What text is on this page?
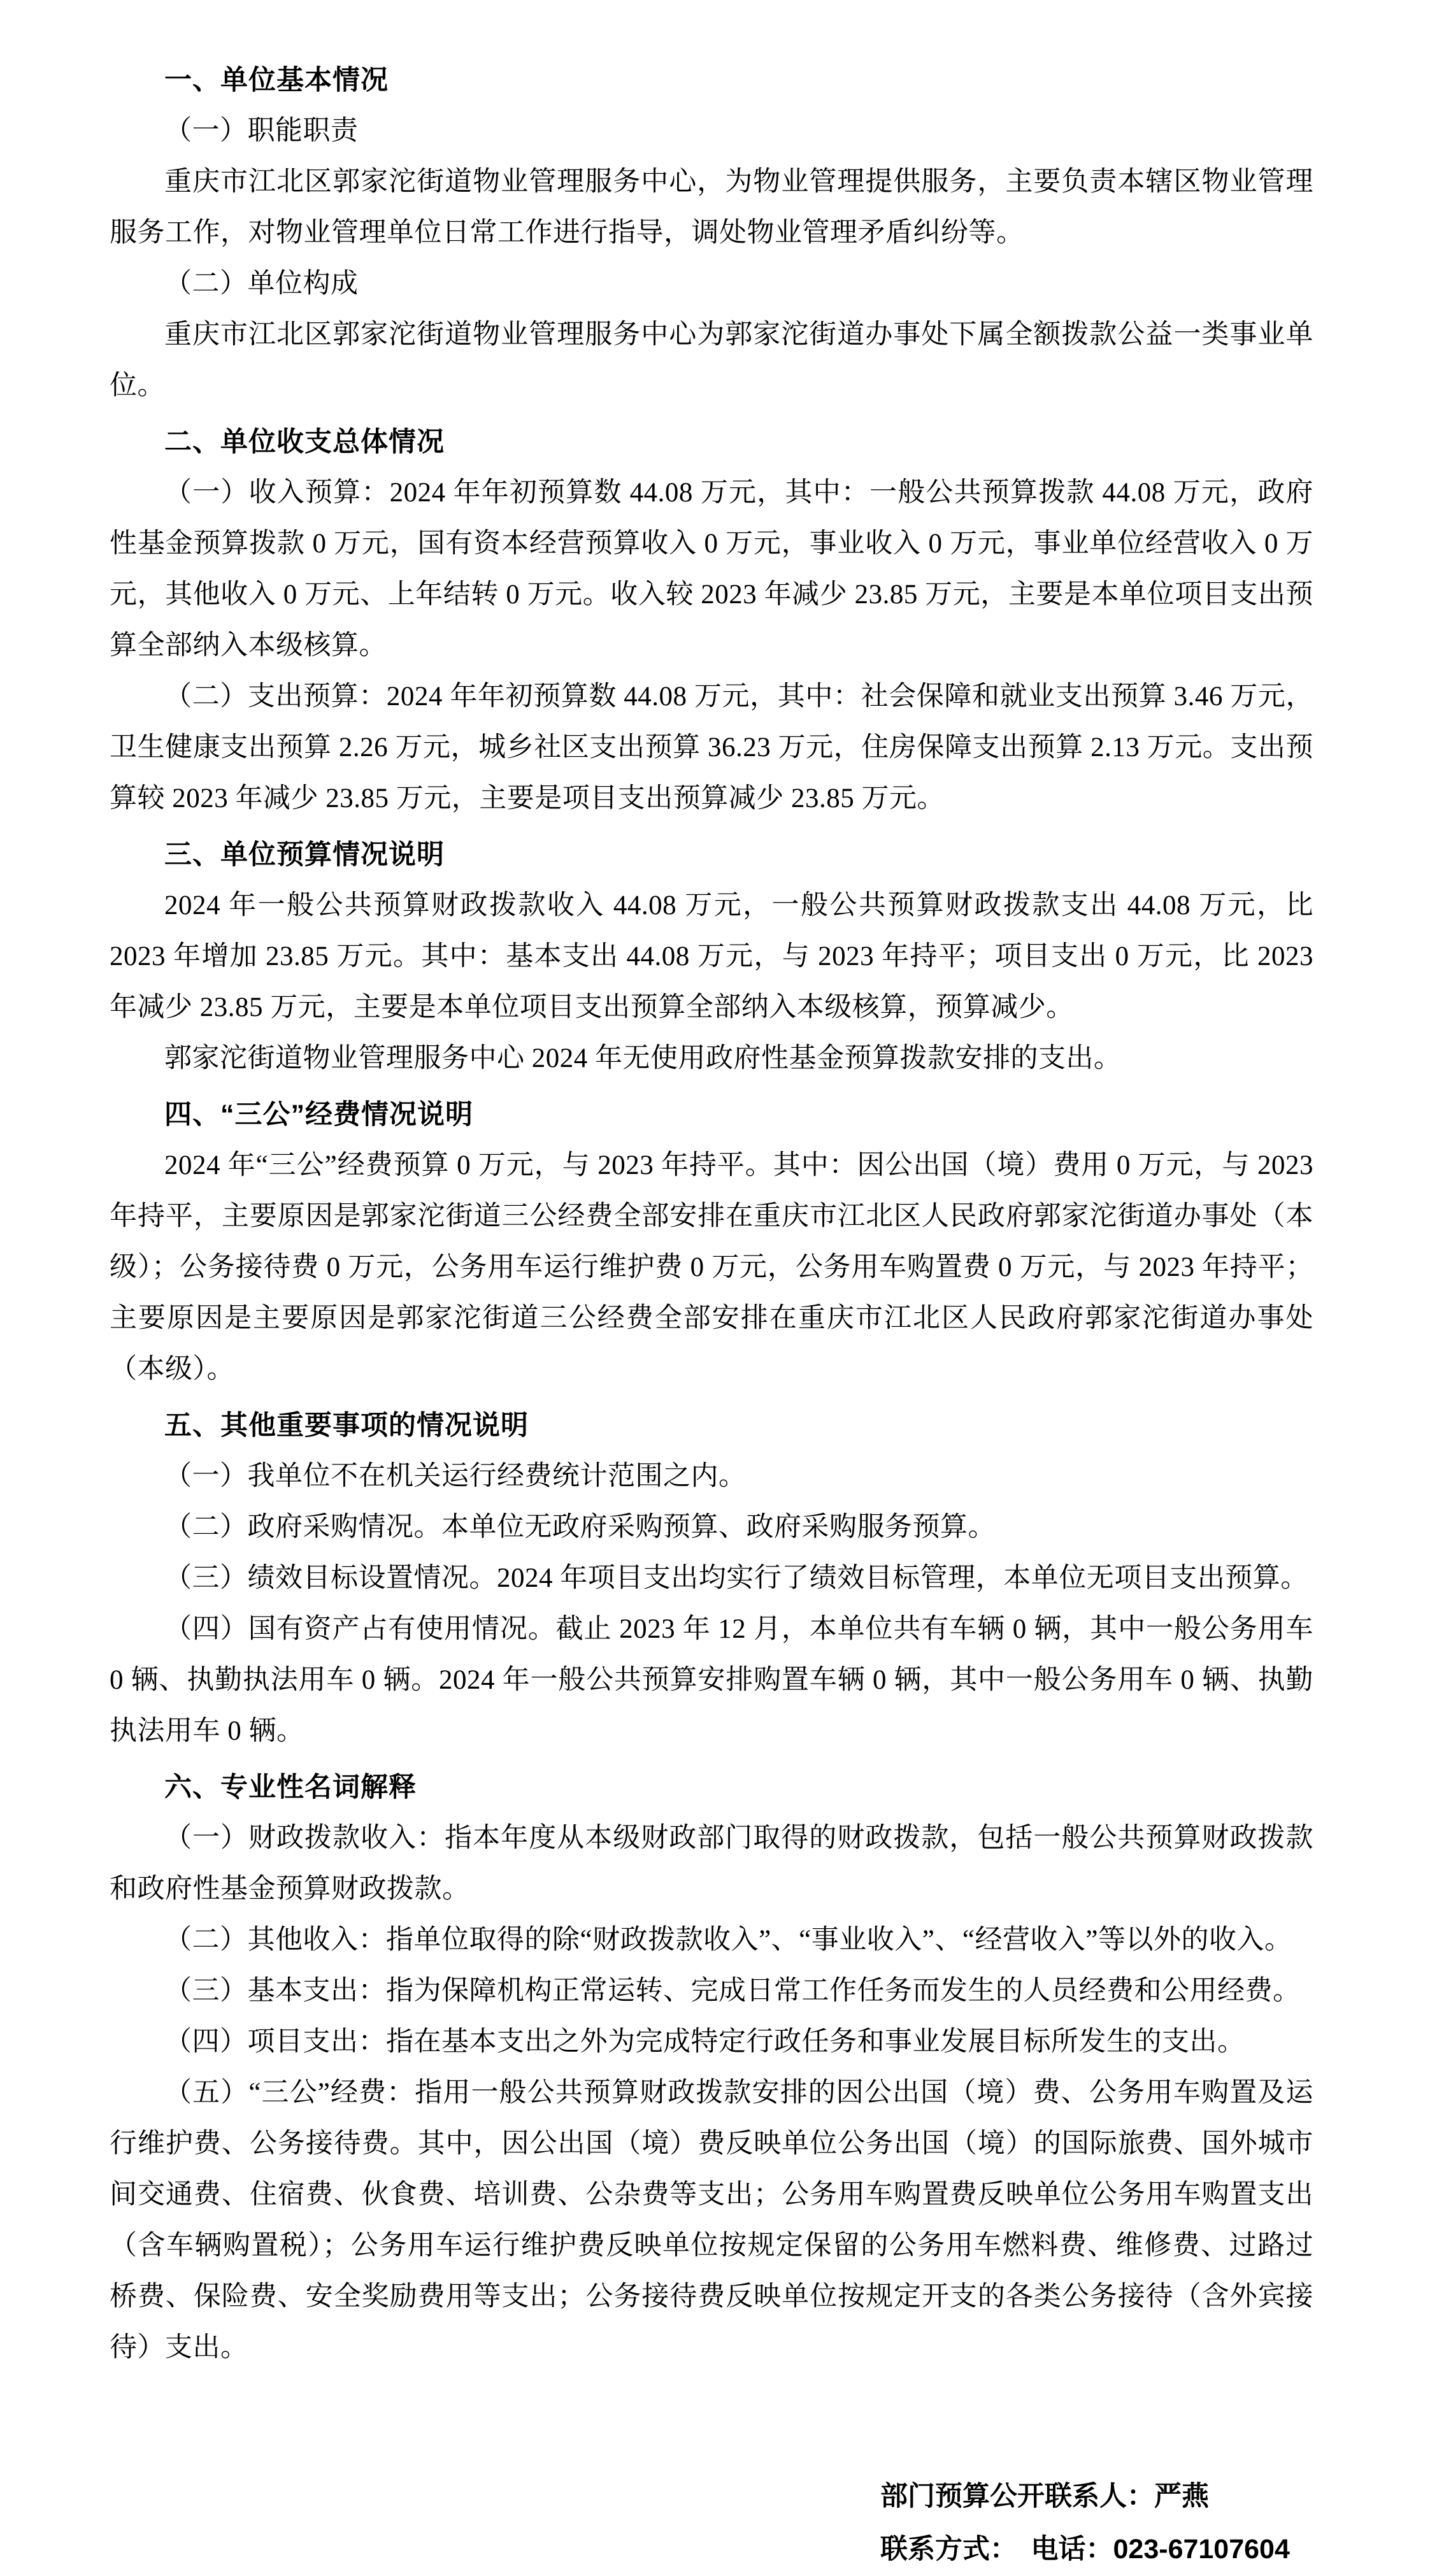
一、单位基本情况

（一）职能职责

重庆市江北区郭家沱街道物业管理服务中心，为物业管理提供服务，主要负责本辖区物业管理服务工作，对物业管理单位日常工作进行指导，调处物业管理矛盾纠纷等。

（二）单位构成

重庆市江北区郭家沱街道物业管理服务中心为郭家沱街道办事处下属全额拨款公益一类事业单位。

二、单位收支总体情况

（一）收入预算：2024 年年初预算数 44.08 万元，其中：一般公共预算拨款 44.08 万元，政府性基金预算拨款 0 万元，国有资本经营预算收入 0 万元，事业收入 0 万元，事业单位经营收入 0 万元，其他收入 0 万元、上年结转 0 万元。收入较 2023 年减少 23.85 万元，主要是本单位项目支出预算全部纳入本级核算。

（二）支出预算：2024 年年初预算数 44.08 万元，其中：社会保障和就业支出预算 3.46 万元，卫生健康支出预算 2.26 万元，城乡社区支出预算 36.23 万元，住房保障支出预算 2.13 万元。支出预算较 2023 年减少 23.85 万元，主要是项目支出预算减少 23.85 万元。

三、单位预算情况说明

2024 年一般公共预算财政拨款收入 44.08 万元，一般公共预算财政拨款支出 44.08 万元，比 2023 年增加 23.85 万元。其中：基本支出 44.08 万元，与 2023 年持平；项目支出 0 万元，比 2023 年减少 23.85 万元，主要是本单位项目支出预算全部纳入本级核算，预算减少。

郭家沱街道物业管理服务中心 2024 年无使用政府性基金预算拨款安排的支出。

四、“三公”经费情况说明

2024 年“三公”经费预算 0 万元，与 2023 年持平。其中：因公出国（境）费用 0 万元，与 2023 年持平，主要原因是郭家沱街道三公经费全部安排在重庆市江北区人民政府郭家沱街道办事处（本级）；公务接待费 0 万元，公务用车运行维护费 0 万元，公务用车购置费 0 万元，与 2023 年持平；主要原因是主要原因是郭家沱街道三公经费全部安排在重庆市江北区人民政府郭家沱街道办事处（本级）。

五、其他重要事项的情况说明

（一）我单位不在机关运行经费统计范围之内。

（二）政府采购情况。本单位无政府采购预算、政府采购服务预算。

（三）绩效目标设置情况。2024 年项目支出均实行了绩效目标管理，本单位无项目支出预算。

（四）国有资产占有使用情况。截止 2023 年 12 月，本单位共有车辆 0 辆，其中一般公务用车 0 辆、执勤执法用车 0 辆。2024 年一般公共预算安排购置车辆 0 辆，其中一般公务用车 0 辆、执勤执法用车 0 辆。

六、专业性名词解释

（一）财政拨款收入：指本年度从本级财政部门取得的财政拨款，包括一般公共预算财政拨款和政府性基金预算财政拨款。

（二）其他收入：指单位取得的除“财政拨款收入”、“事业收入”、“经营收入”等以外的收入。

（三）基本支出：指为保障机构正常运转、完成日常工作任务而发生的人员经费和公用经费。

（四）项目支出：指在基本支出之外为完成特定行政任务和事业发展目标所发生的支出。

（五）“三公”经费：指用一般公共预算财政拨款安排的因公出国（境）费、公务用车购置及运行维护费、公务接待费。其中，因公出国（境）费反映单位公务出国（境）的国际旅费、国外城市间交通费、住宿费、伙食费、培训费、公杂费等支出；公务用车购置费反映单位公务用车购置支出（含车辆购置税）；公务用车运行维护费反映单位按规定保留的公务用车燃料费、维修费、过路过桥费、保险费、安全奖励费用等支出；公务接待费反映单位按规定开支的各类公务接待（含外宾接待）支出。

部门预算公开联系人：严燕

联系方式：　电话：023-67107604
